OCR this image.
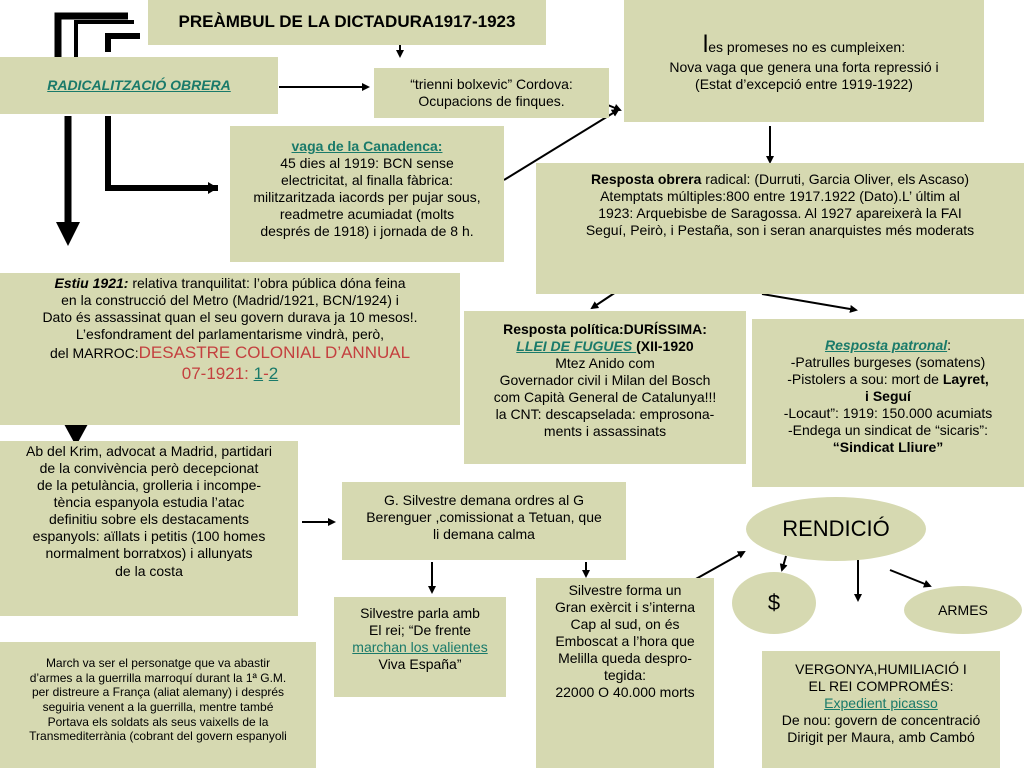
PREÀMBUL DE LA DICTADURA1917-1923
RADICALITZACIÓ OBRERA	“trienni bolxevic” Cordova:

Ocupacions de finques.

les promeses no es cumpleixen:

Nova vaga que genera una forta repressió i

(Estat d’excepció entre 1919-1922)

vaga de la Canadenca:

45 dies al 1919: BCN sense

electricitat, al finalla fàbrica:

militzaritzada iacords per pujar sous,

readmetre acumiadat (molts

després de 1918) i jornada de 8 h.

Resposta obrera radical: (Durruti, Garcia Oliver, els Ascaso)

Atemptats múltiples:800 entre 1917.1922 (Dato).L’ últim al

1923: Arquebisbe de Saragossa. Al 1927 apareixerà la FAI

Seguí, Peirò, i Pestaña, son i seran anarquistes més moderats

Estiu 1921: relativa tranquilitat: l’obra pública dóna feina

en la construcció del Metro (Madrid/1921, BCN/1924) i

Dato és assassinat quan el seu govern durava ja 10 mesos!.

L’esfondrament del parlamentarisme vindrà, però,

del MARROC:DESASTRE COLONIAL D’ANNUAL

07-1921: 1-2

Resposta política:DURÍSSIMA:

LLEI DE FUGUES (XII-1920

Mtez Anido com

Governador civil i Milan del Bosch

com Capità General de Catalunya!!!

la CNT: descapselada: emprosona-

ments i assassinats

Resposta patronal:

-Patrulles burgeses (somatens)

-Pistolers a sou: mort de Layret,

i Seguí

-Locaut”: 1919: 150.000 acumiats

-Endega un sindicat de “sicaris”:

“Sindicat Lliure”

Ab del Krim, advocat a Madrid, partidari

de la convivència però decepcionat

de la petulància, grolleria i incompe-

tència espanyola estudia l’atac

definitiu sobre els destacaments

espanyols: aïllats i petitis (100 homes

normalment borratxos) i allunyats

de la costa

G. Silvestre demana ordres al G

Berenguer ,comissionat a Tetuan, que

li demana calma	RENDICIÓ
$	ARMES

March va ser el personatge que va abastir

d’armes a la guerrilla marroquí durant la 1ª G.M.

per distreure a França (aliat alemany) i després

seguiria venent a la guerrilla, mentre també

Portava els soldats als seus vaixells de la

Transmediterrània (cobrant del govern espanyoli

Silvestre parla amb

El rei; “De frente

marchan los valientes

Viva España”

Silvestre forma un

Gran exèrcit i s’interna

Cap al sud, on és

Emboscat a l’hora que

Melilla queda despro-

tegida:

22000 O 40.000 morts

VERGONYA,HUMILIACIÓ I

EL REI COMPROMÉS:

Expedient picasso

De nou: govern de concentració

Dirigit per Maura, amb Cambó
